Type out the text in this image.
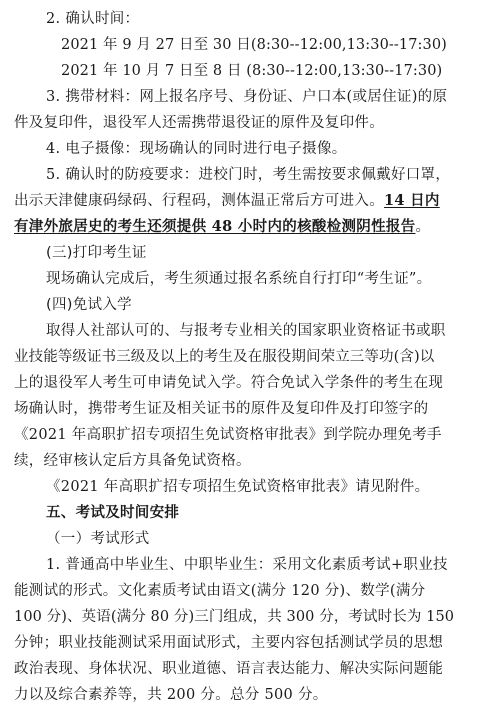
2. 确认时间：
2021 年 9 月 27 日至 30 日(8:30--12:00,13:30--17:30)
2021 年 10 月 7 日至 8 日 (8:30--12:00,13:30--17:30)
3. 携带材料：网上报名序号、身份证、户口本(或居住证)的原
件及复印件，退役军人还需携带退役证的原件及复印件。
4. 电子摄像：现场确认的同时进行电子摄像。
5. 确认时的防疫要求：进校门时，考生需按要求佩戴好口罩，
出示天津健康码绿码、行程码，测体温正常后方可进入。14 日内
有津外旅居史的考生还须提供 48 小时内的核酸检测阴性报告。
(三)打印考生证
现场确认完成后，考生须通过报名系统自行打印“考生证”。
(四)免试入学
取得人社部认可的、与报考专业相关的国家职业资格证书或职
业技能等级证书三级及以上的考生及在服役期间荣立三等功(含)以
上的退役军人考生可申请免试入学。符合免试入学条件的考生在现
场确认时，携带考生证及相关证书的原件及复印件及打印签字的
《2021 年高职扩招专项招生免试资格审批表》到学院办理免考手
续，经审核认定后方具备免试资格。
《2021 年高职扩招专项招生免试资格审批表》请见附件。
五、考试及时间安排
（一）考试形式
1. 普通高中毕业生、中职毕业生：采用文化素质考试+职业技
能测试的形式。文化素质考试由语文(满分 120 分)、数学(满分
100 分)、英语(满分 80 分)三门组成，共 300 分，考试时长为 150
分钟；职业技能测试采用面试形式，主要内容包括测试学员的思想
政治表现、身体状况、职业道德、语言表达能力、解决实际问题能
力以及综合素养等，共 200 分。总分 500 分。
